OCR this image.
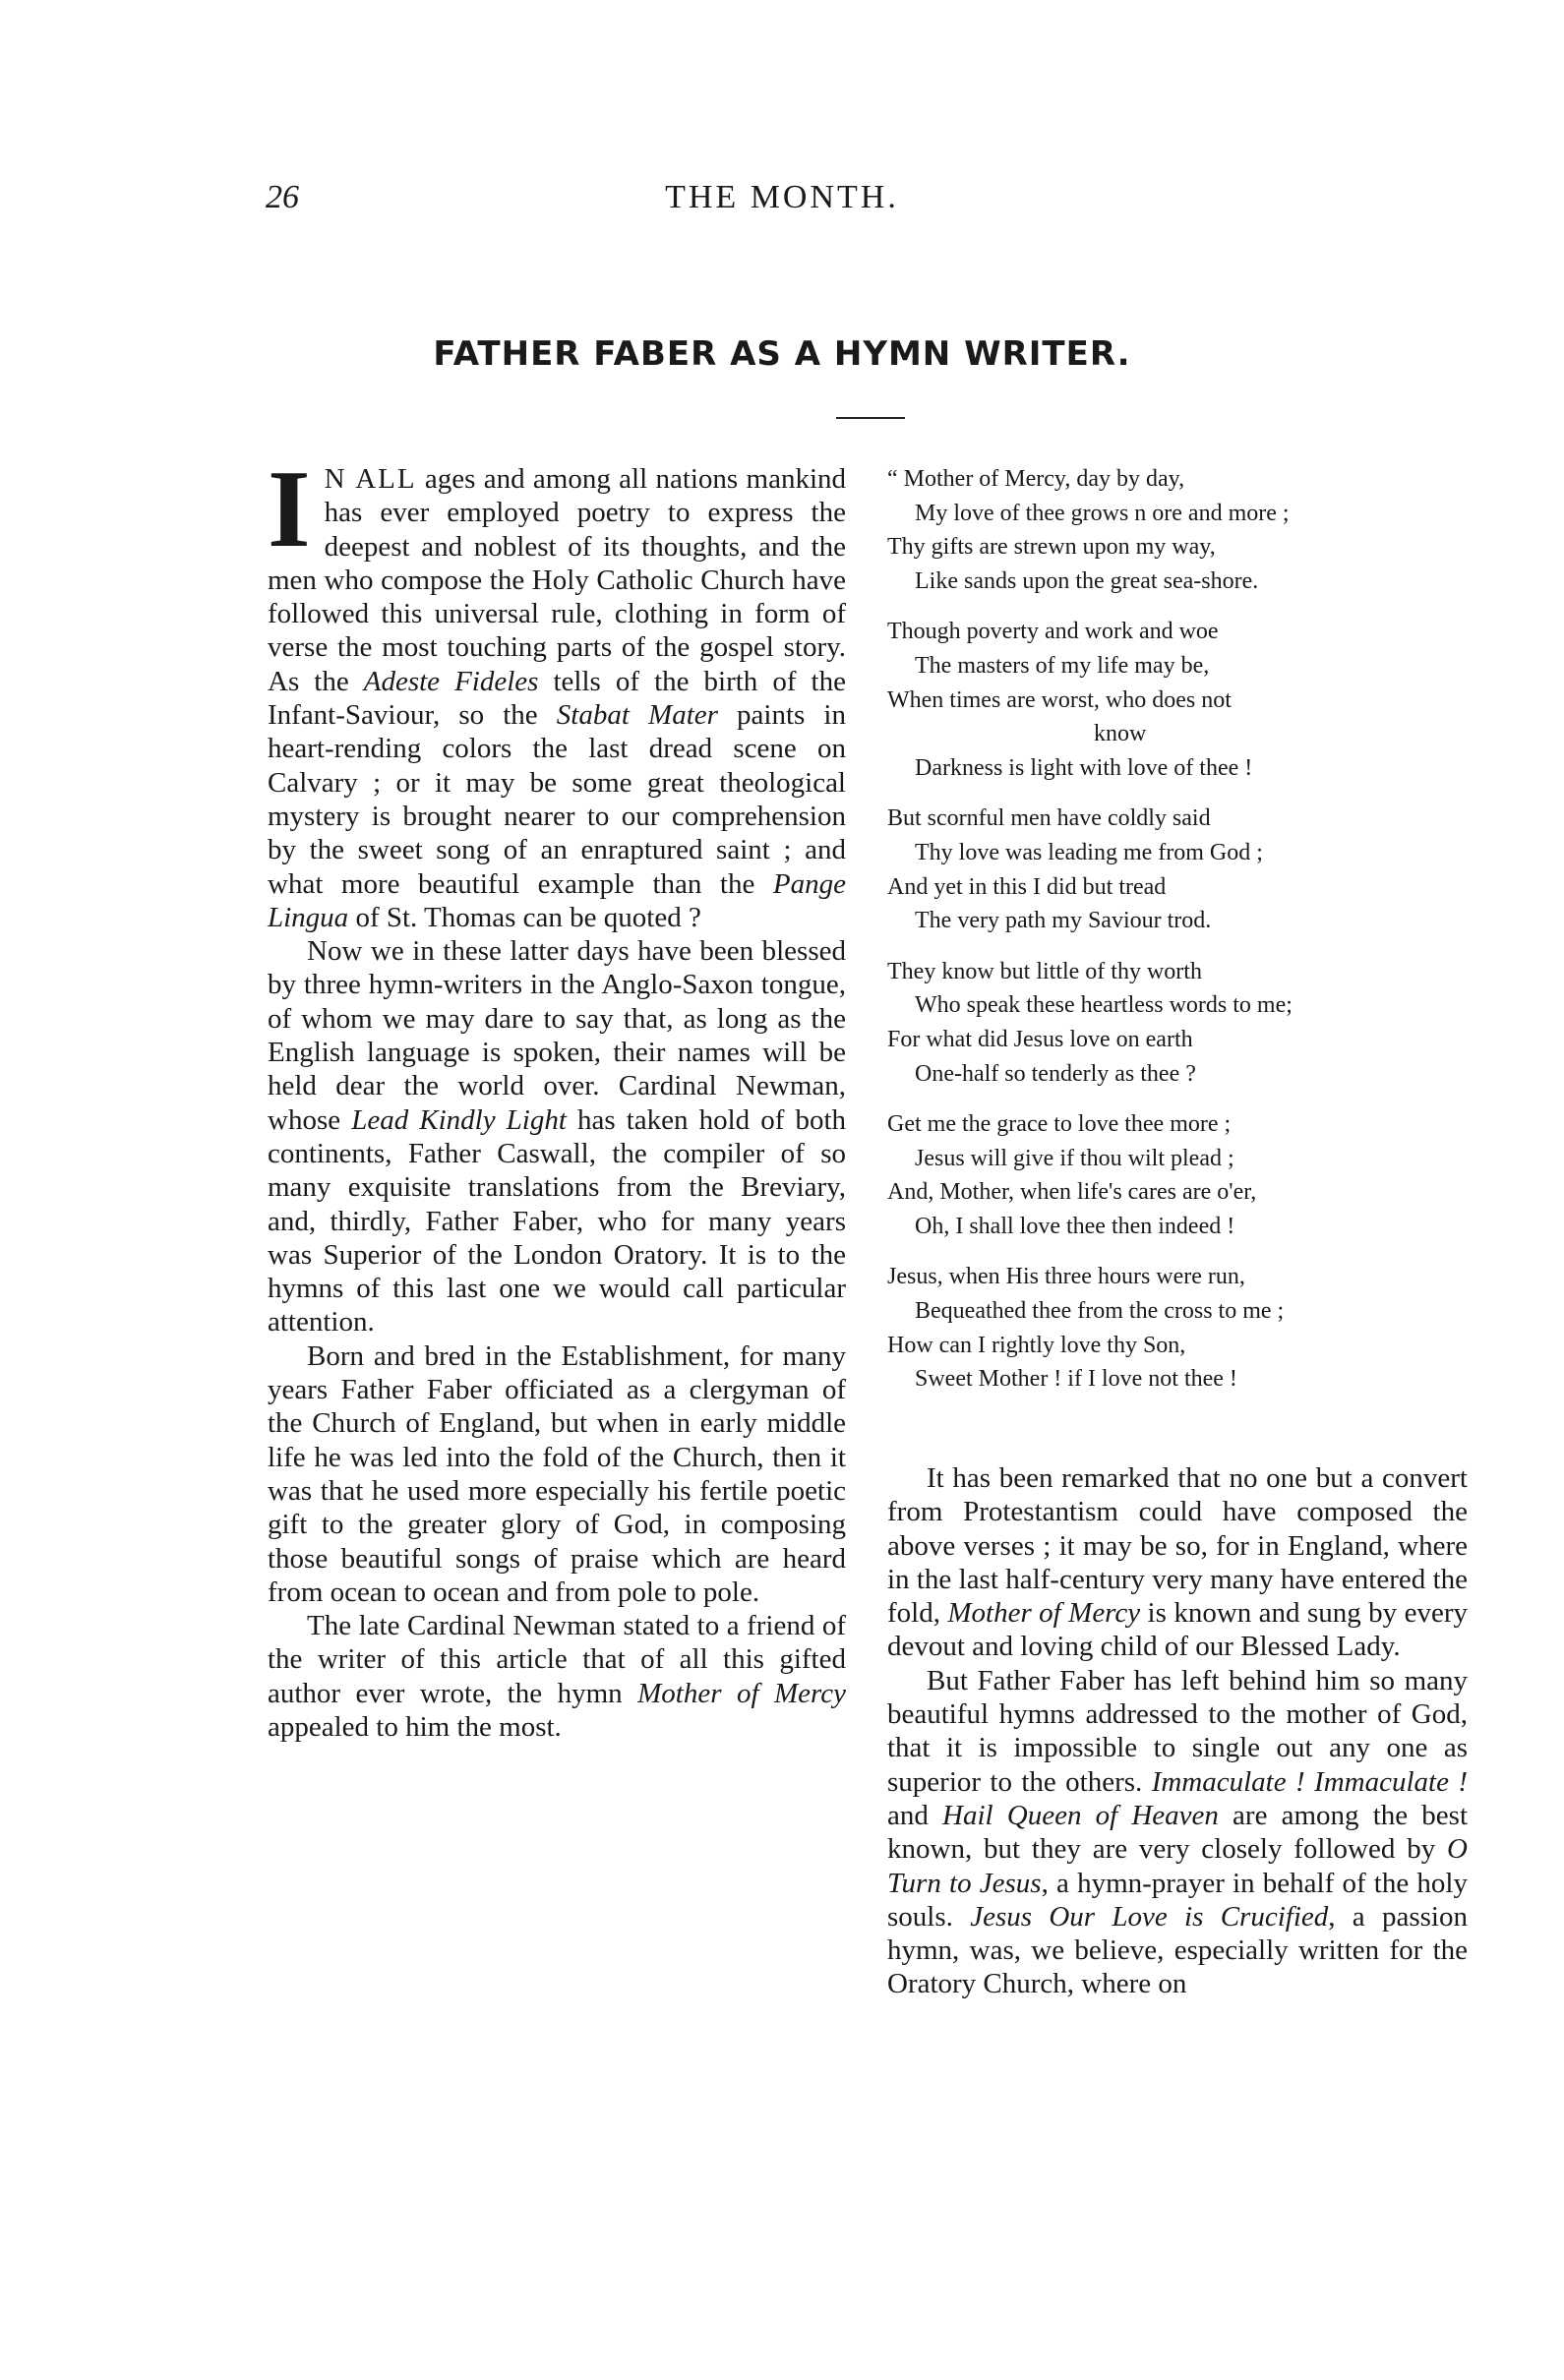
26	THE MONTH.
FATHER FABER AS A HYMN WRITER.

I N ALL ages and among all nations mankind has ever employed poetry to express the deepest and noblest of its thoughts, and the men who compose the Holy Catholic Church have followed this universal rule, clothing in form of verse the most touching parts of the gospel story. As the Adeste Fideles tells of the birth of the Infant-Saviour, so the Stabat Mater paints in heart-rending colors the last dread scene on Calvary ; or it may be some great theological mystery is brought nearer to our comprehension by the sweet song of an enraptured saint ; and what more beautiful example than the Pange Lingua of St. Thomas can be quoted ?

Now we in these latter days have been blessed by three hymn-writers in the Anglo-Saxon tongue, of whom we may dare to say that, as long as the English language is spoken, their names will be held dear the world over. Cardinal Newman, whose Lead Kindly Light has taken hold of both continents, Father Caswall, the compiler of so many exquisite translations from the Breviary, and, thirdly, Father Faber, who for many years was Superior of the London Oratory. It is to the hymns of this last one we would call particular attention.

Born and bred in the Establishment, for many years Father Faber officiated as a clergyman of the Church of England, but when in early middle life he was led into the fold of the Church, then it was that he used more especially his fertile poetic gift to the greater glory of God, in composing those beautiful songs of praise which are heard from ocean to ocean and from pole to pole.

The late Cardinal Newman stated to a friend of the writer of this article that of all this gifted author ever wrote, the hymn Mother of Mercy appealed to him the most.

“ Mother of Mercy, day by day,
My love of thee grows n ore and more ;
Thy gifts are strewn upon my way,
Like sands upon the great sea-shore.
Though poverty and work and woe
The masters of my life may be,
When times are worst, who does not
know
Darkness is light with love of thee !
But scornful men have coldly said
Thy love was leading me from God ;
And yet in this I did but tread
The very path my Saviour trod.
They know but little of thy worth
Who speak these heartless words to me;
For what did Jesus love on earth
One-half so tenderly as thee ?
Get me the grace to love thee more ;
Jesus will give if thou wilt plead ;
And, Mother, when life's cares are o'er,
Oh, I shall love thee then indeed !
Jesus, when His three hours were run,
Bequeathed thee from the cross to me ;
How can I rightly love thy Son,
Sweet Mother ! if I love not thee !

It has been remarked that no one but a convert from Protestantism could have composed the above verses ; it may be so, for in England, where in the last half-century very many have entered the fold, Mother of Mercy is known and sung by every devout and loving child of our Blessed Lady.

But Father Faber has left behind him so many beautiful hymns addressed to the mother of God, that it is impossible to single out any one as superior to the others. Immaculate ! Immaculate ! and Hail Queen of Heaven are among the best known, but they are very closely followed by O Turn to Jesus, a hymn-prayer in behalf of the holy souls. Jesus Our Love is Crucified, a passion hymn, was, we believe, especially written for the Oratory Church, where on
